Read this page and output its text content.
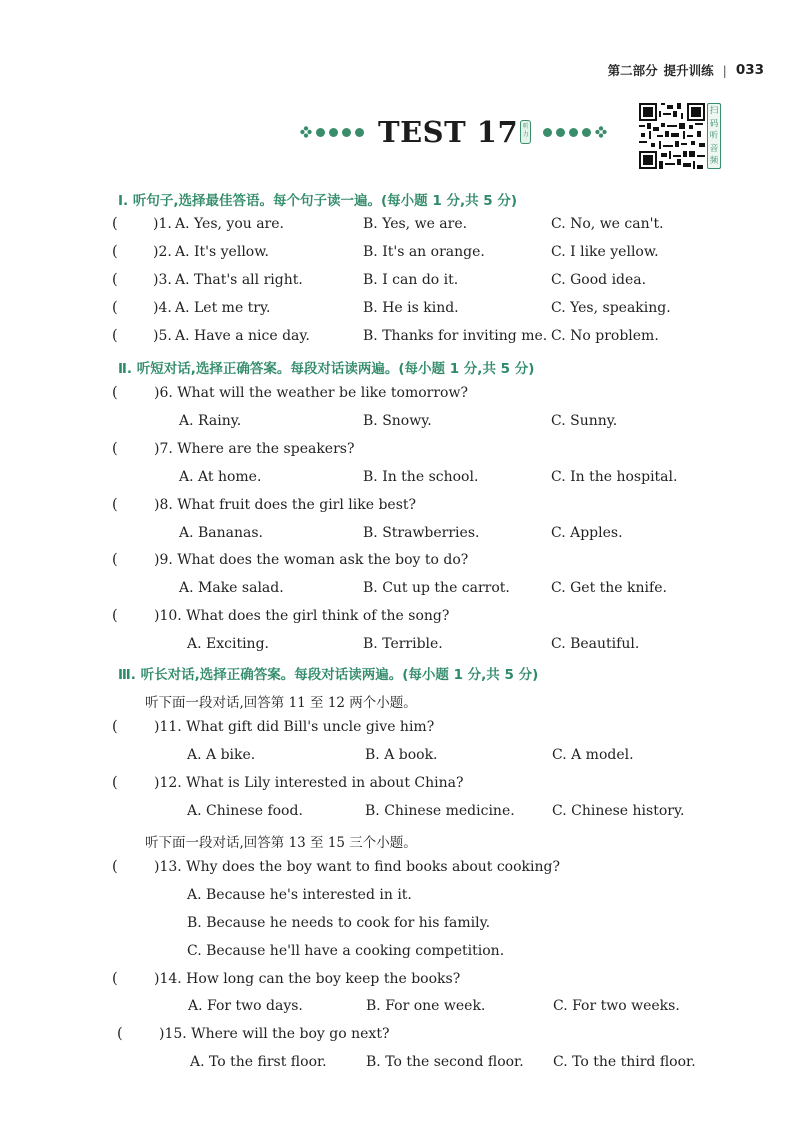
第二部分 提升训练 | 033
TEST 17 听力
扫码听音频
Ⅰ. 听句子,选择最佳答语。每个句子读一遍。(每小题 1 分,共 5 分)
(	)1. A. Yes, you are.	B. Yes, we are.	C. No, we can't.
(	)2. A. It's yellow.	B. It's an orange.	C. I like yellow.
(	)3. A. That's all right.	B. I can do it.	C. Good idea.
(	)4. A. Let me try.	B. He is kind.	C. Yes, speaking.
(	)5. A. Have a nice day.	B. Thanks for inviting me. C. No problem.
Ⅱ. 听短对话,选择正确答案。每段对话读两遍。(每小题 1 分,共 5 分)
(	)6. What will the weather be like tomorrow?
A. Rainy.	B. Snowy.	C. Sunny.
(	)7. Where are the speakers?
A. At home.	B. In the school.	C. In the hospital.
(	)8. What fruit does the girl like best?
A. Bananas.	B. Strawberries.	C. Apples.
(	)9. What does the woman ask the boy to do?
A. Make salad.	B. Cut up the carrot.	C. Get the knife.
(	)10. What does the girl think of the song?
A. Exciting.	B. Terrible.	C. Beautiful.
Ⅲ. 听长对话,选择正确答案。每段对话读两遍。(每小题 1 分,共 5 分)
听下面一段对话,回答第 11 至 12 两个小题。
(	)11. What gift did Bill's uncle give him?
A. A bike.	B. A book.	C. A model.
(	)12. What is Lily interested in about China?
A. Chinese food.	B. Chinese medicine.	C. Chinese history.
听下面一段对话,回答第 13 至 15 三个小题。
(	)13. Why does the boy want to find books about cooking?
A. Because he's interested in it.
B. Because he needs to cook for his family.
C. Because he'll have a cooking competition.
(	)14. How long can the boy keep the books?
A. For two days.	B. For one week.	C. For two weeks.
(	)15. Where will the boy go next?
A. To the first floor.	B. To the second floor. C. To the third floor.
